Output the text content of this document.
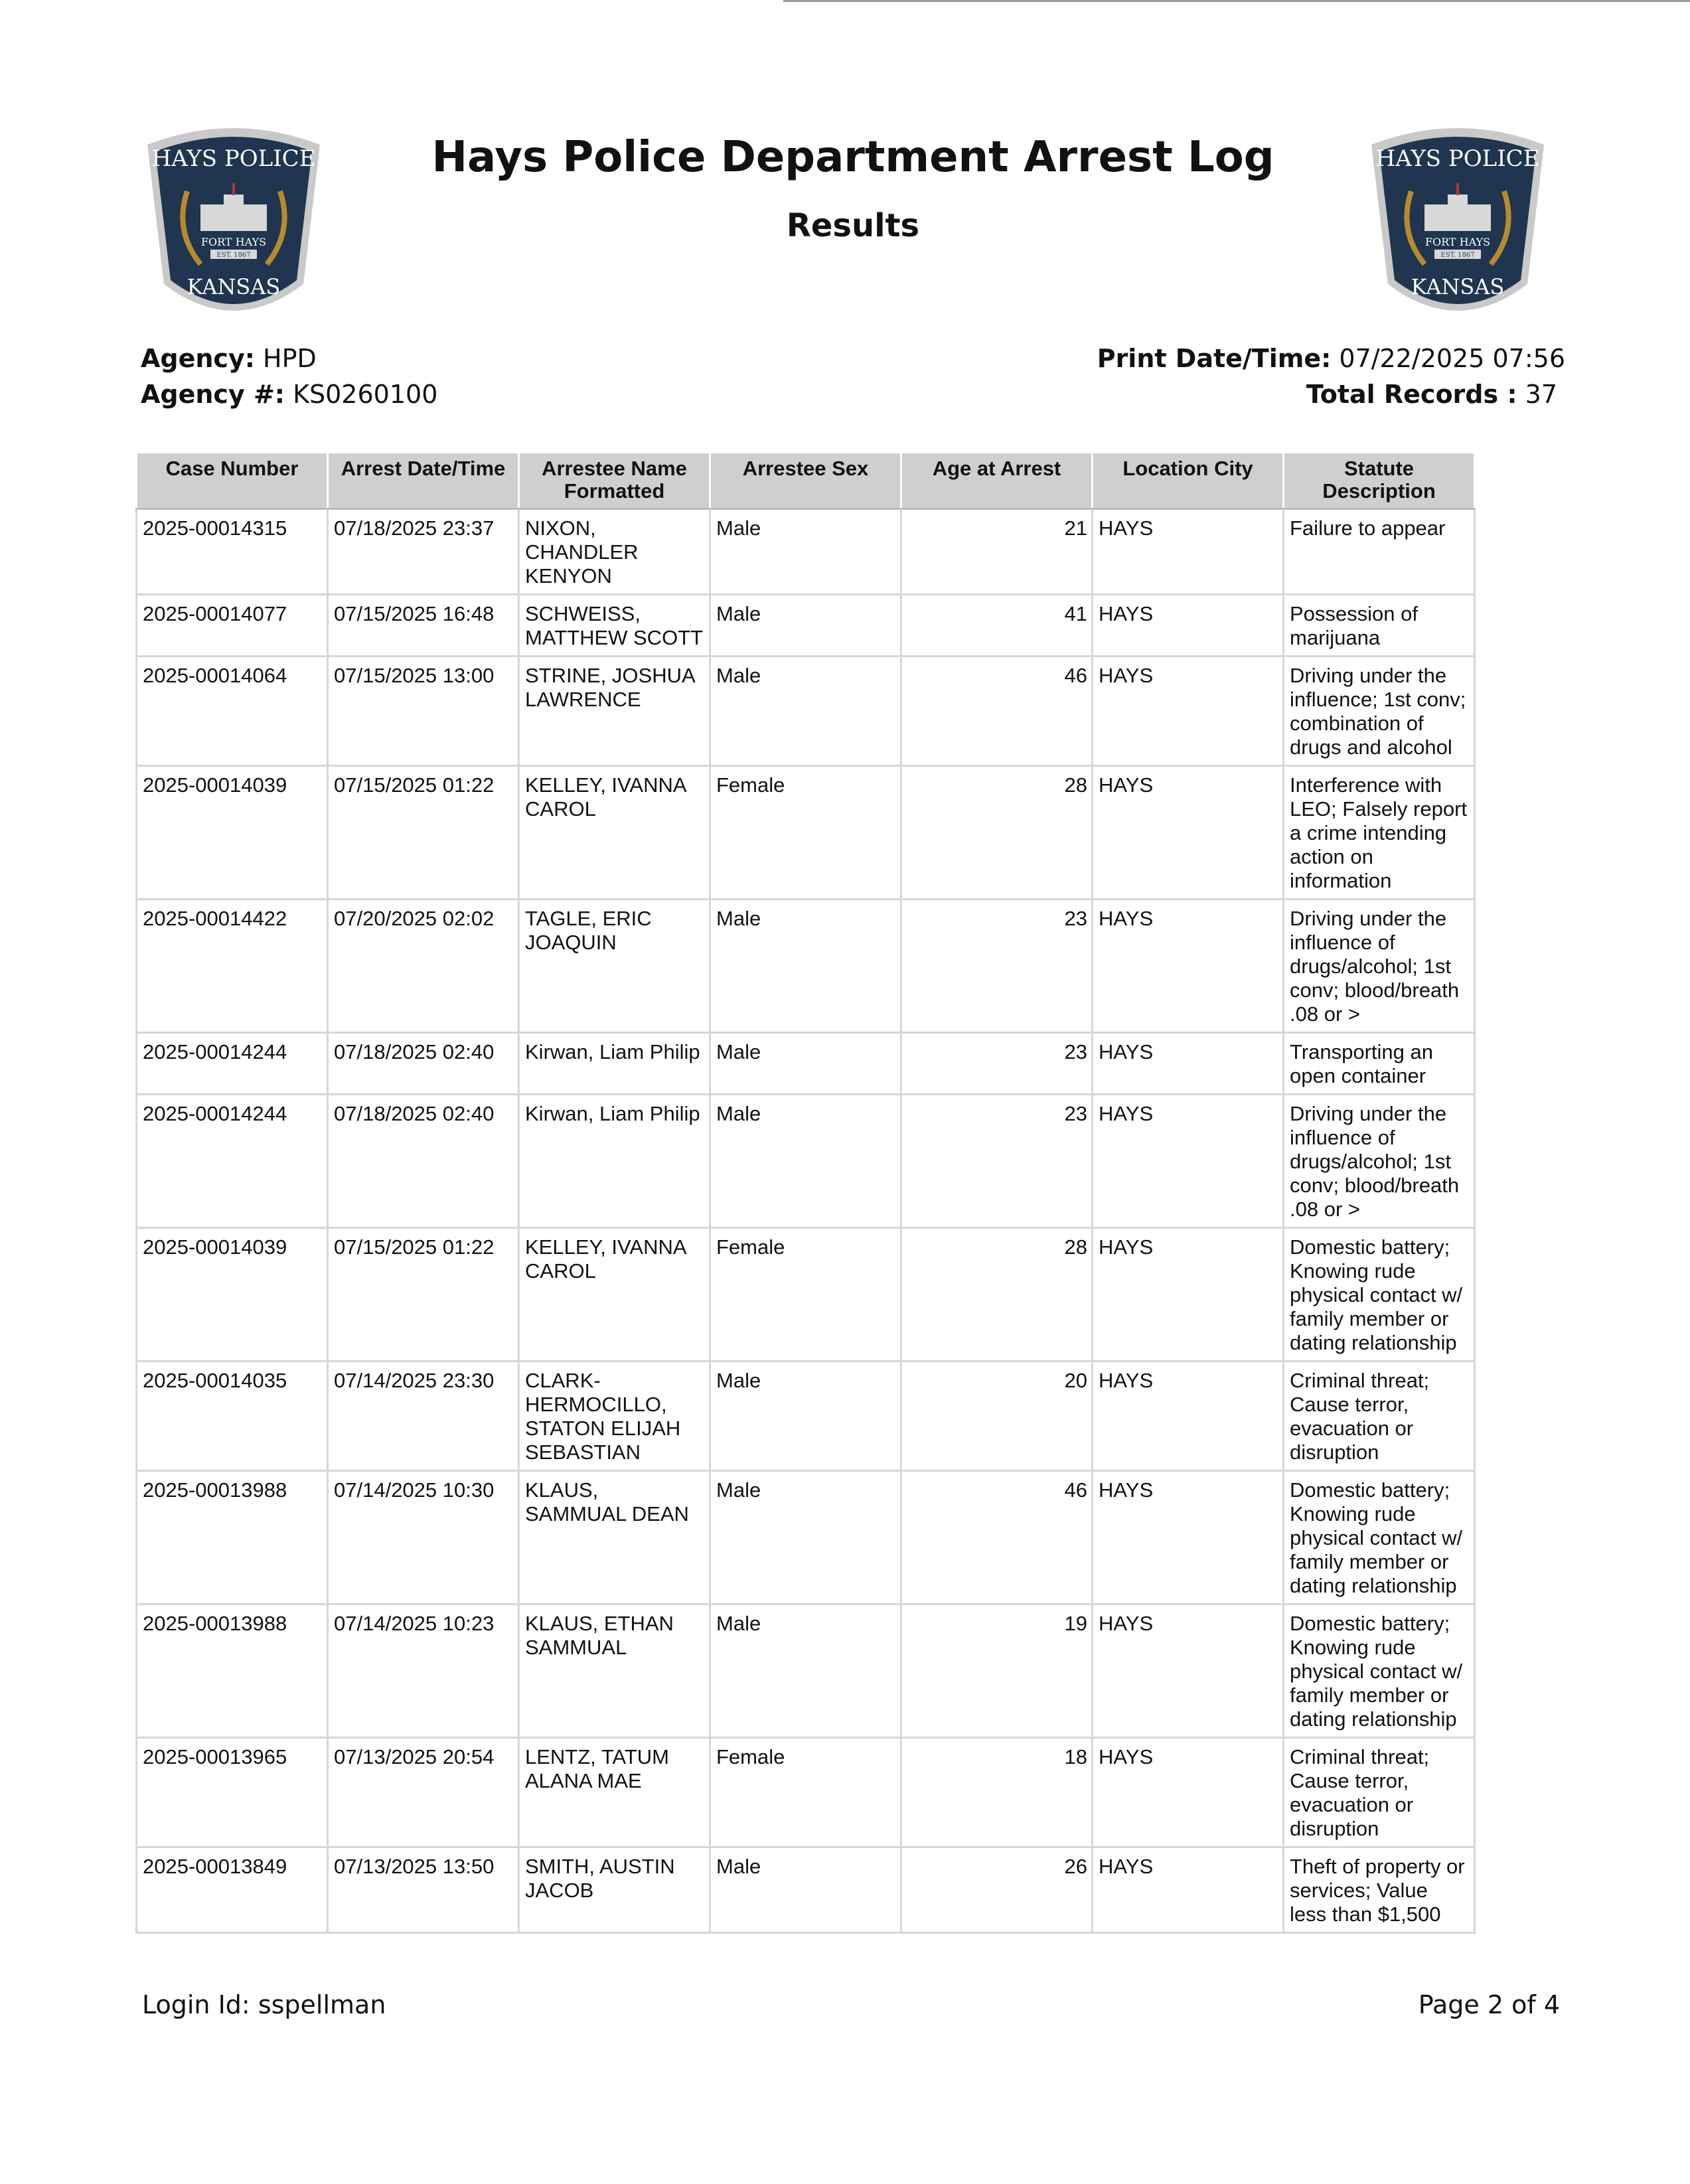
HAYS POLICE
FORT HAYS
EST. 1867
KANSAS
HAYS POLICE
FORT HAYS
EST. 1867
KANSAS
Hays Police Department Arrest Log
Results
Agency: HPD
Agency #: KS0260100
Print Date/Time: 07/22/2025 07:56
Total Records : 37
Case Number	Arrest Date/Time	Arrestee Name Formatted	Arrestee Sex	Age at Arrest	Location City	Statute Description
2025-00014315	07/18/2025 23:37	NIXON, CHANDLER KENYON	Male	21	HAYS	Failure to appear
2025-00014077	07/15/2025 16:48	SCHWEISS, MATTHEW SCOTT	Male	41	HAYS	Possession of marijuana
2025-00014064	07/15/2025 13:00	STRINE, JOSHUA LAWRENCE	Male	46	HAYS	Driving under the influence; 1st conv; combination of drugs and alcohol
2025-00014039	07/15/2025 01:22	KELLEY, IVANNA CAROL	Female	28	HAYS	Interference with LEO; Falsely report a crime intending action on information
2025-00014422	07/20/2025 02:02	TAGLE, ERIC JOAQUIN	Male	23	HAYS	Driving under the influence of drugs/alcohol; 1st conv; blood/breath .08 or >
2025-00014244	07/18/2025 02:40	Kirwan, Liam Philip	Male	23	HAYS	Transporting an open container
2025-00014244	07/18/2025 02:40	Kirwan, Liam Philip	Male	23	HAYS	Driving under the influence of drugs/alcohol; 1st conv; blood/breath .08 or >
2025-00014039	07/15/2025 01:22	KELLEY, IVANNA CAROL	Female	28	HAYS	Domestic battery; Knowing rude physical contact w/ family member or dating relationship
2025-00014035	07/14/2025 23:30	CLARK-HERMOCILLO, STATON ELIJAH SEBASTIAN	Male	20	HAYS	Criminal threat; Cause terror, evacuation or disruption
2025-00013988	07/14/2025 10:30	KLAUS, SAMMUAL DEAN	Male	46	HAYS	Domestic battery; Knowing rude physical contact w/ family member or dating relationship
2025-00013988	07/14/2025 10:23	KLAUS, ETHAN SAMMUAL	Male	19	HAYS	Domestic battery; Knowing rude physical contact w/ family member or dating relationship
2025-00013965	07/13/2025 20:54	LENTZ, TATUM ALANA MAE	Female	18	HAYS	Criminal threat; Cause terror, evacuation or disruption
2025-00013849	07/13/2025 13:50	SMITH, AUSTIN JACOB	Male	26	HAYS	Theft of property or services; Value less than $1,500
Login Id: sspellman	Page 2 of 4
